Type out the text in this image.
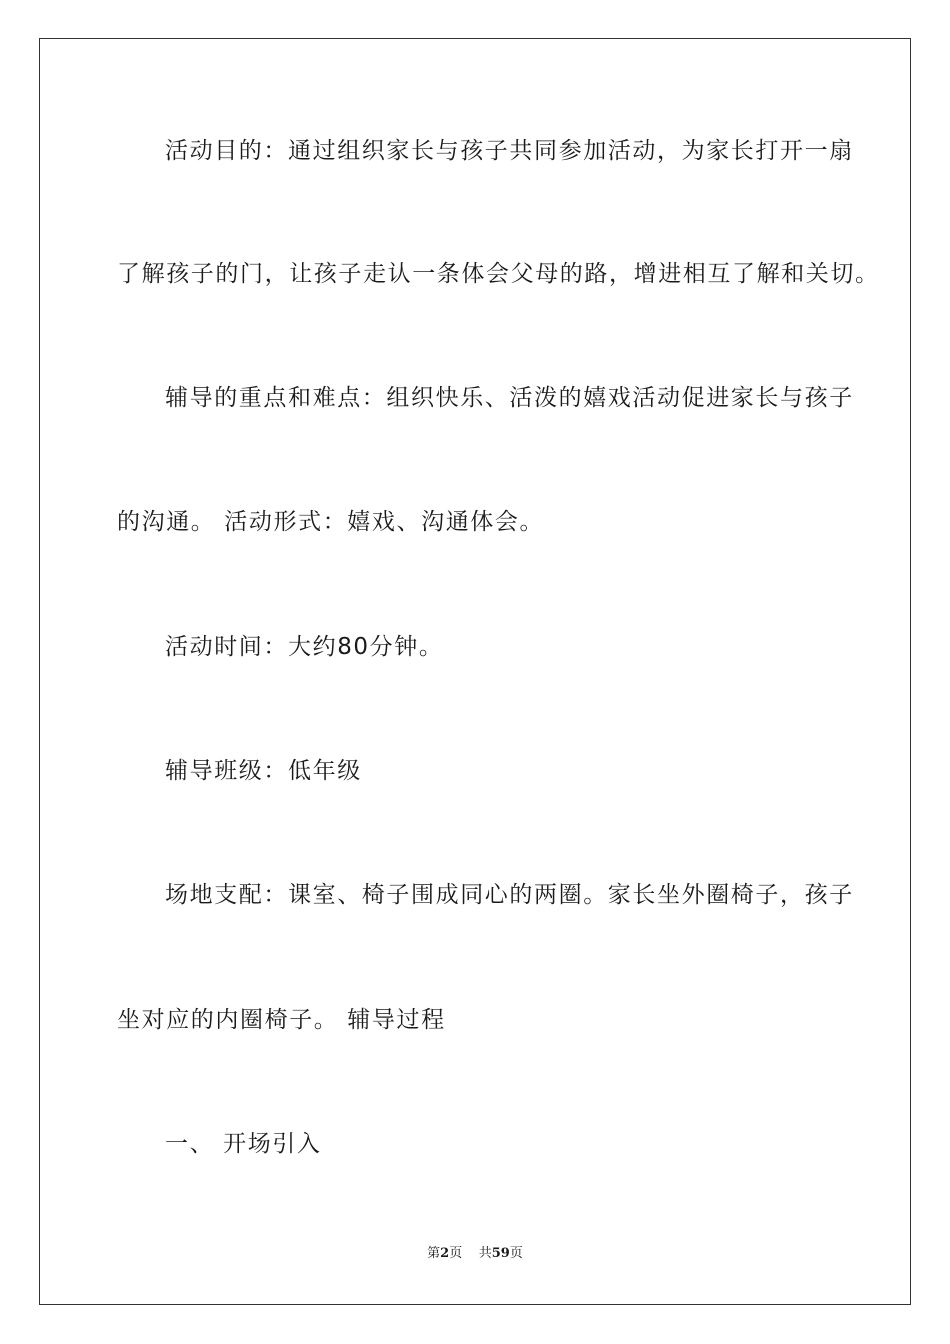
活动目的：通过组织家长与孩子共同参加活动，为家长打开一扇
了解孩子的门，让孩子走认一条体会父母的路，增进相互了解和关切。
辅导的重点和难点：组织快乐、活泼的嬉戏活动促进家长与孩子
的沟通。 活动形式：嬉戏、沟通体会。
活动时间：大约80分钟。
辅导班级：低年级
场地支配：课室、椅子围成同心的两圈。家长坐外圈椅子，孩子
坐对应的内圈椅子。 辅导过程
一、 开场引入
第2页 共59页
